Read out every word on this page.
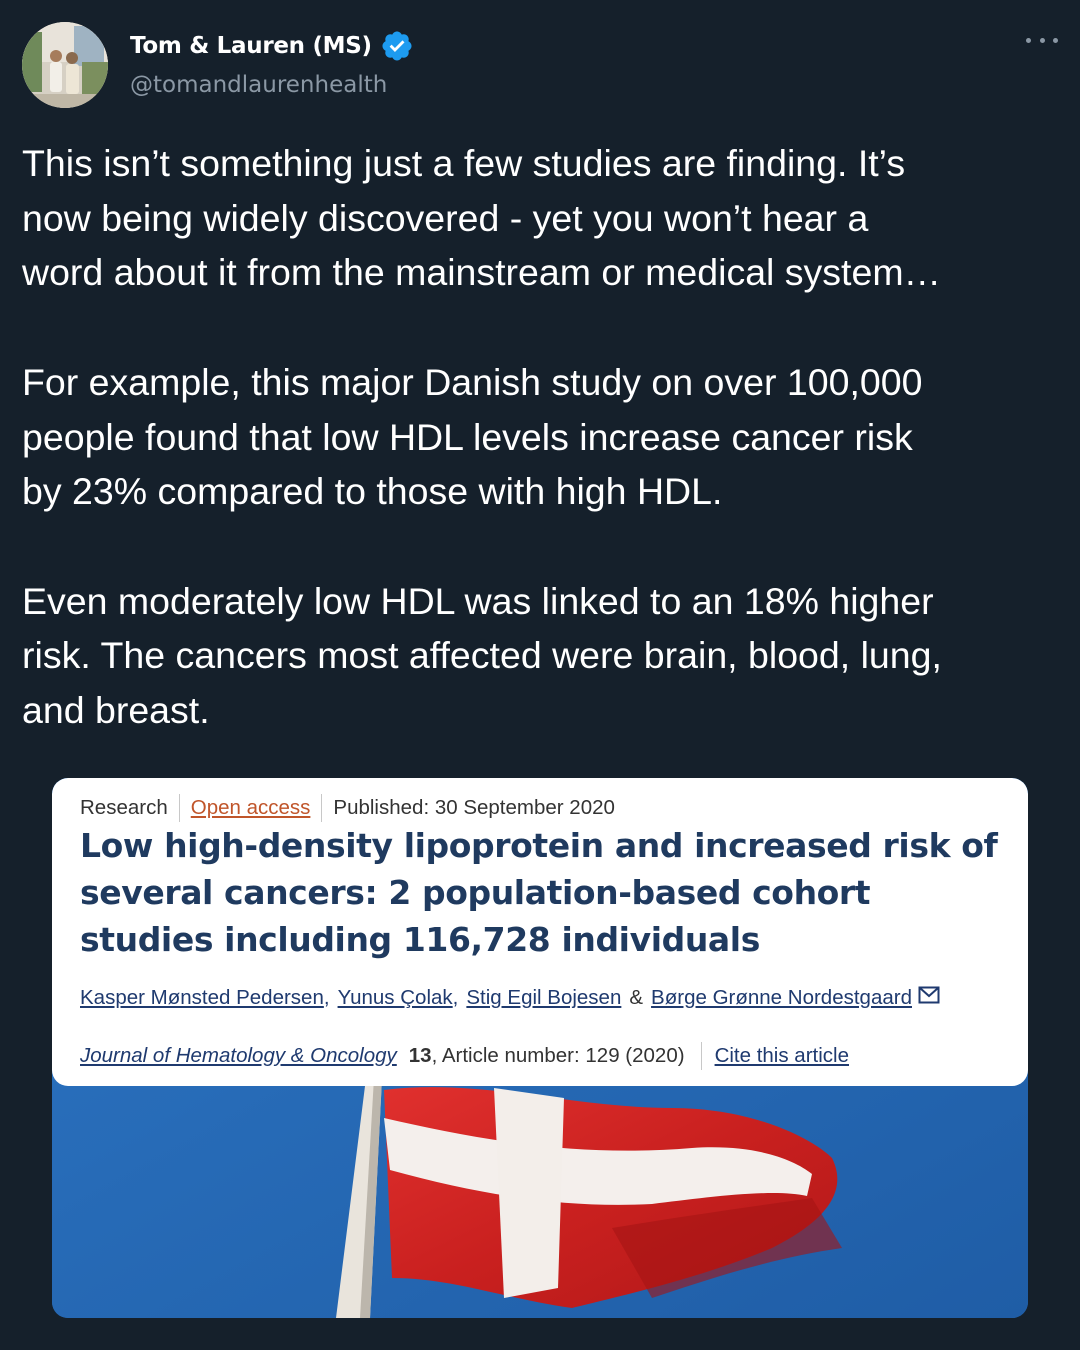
Tom & Lauren (MS)
@tomandlaurenhealth

This isn’t something just a few studies are finding. It’s
now being widely discovered - yet you won’t hear a
word about it from the mainstream or medical system…

For example, this major Danish study on over 100,000
people found that low HDL levels increase cancer risk
by 23% compared to those with high HDL.

Even moderately low HDL was linked to an 18% higher
risk. The cancers most affected were brain, blood, lung,
and breast.

Research Open access Published: 30 September 2020
Low high-density lipoprotein and increased risk of several cancers: 2 population-based cohort studies including 116,728 individuals
Kasper Mønsted Pedersen , Yunus Çolak , Stig Egil Bojesen & Børge Grønne Nordestgaard
Journal of Hematology & Oncology 13 , Article number: 129 (2020) Cite this article
